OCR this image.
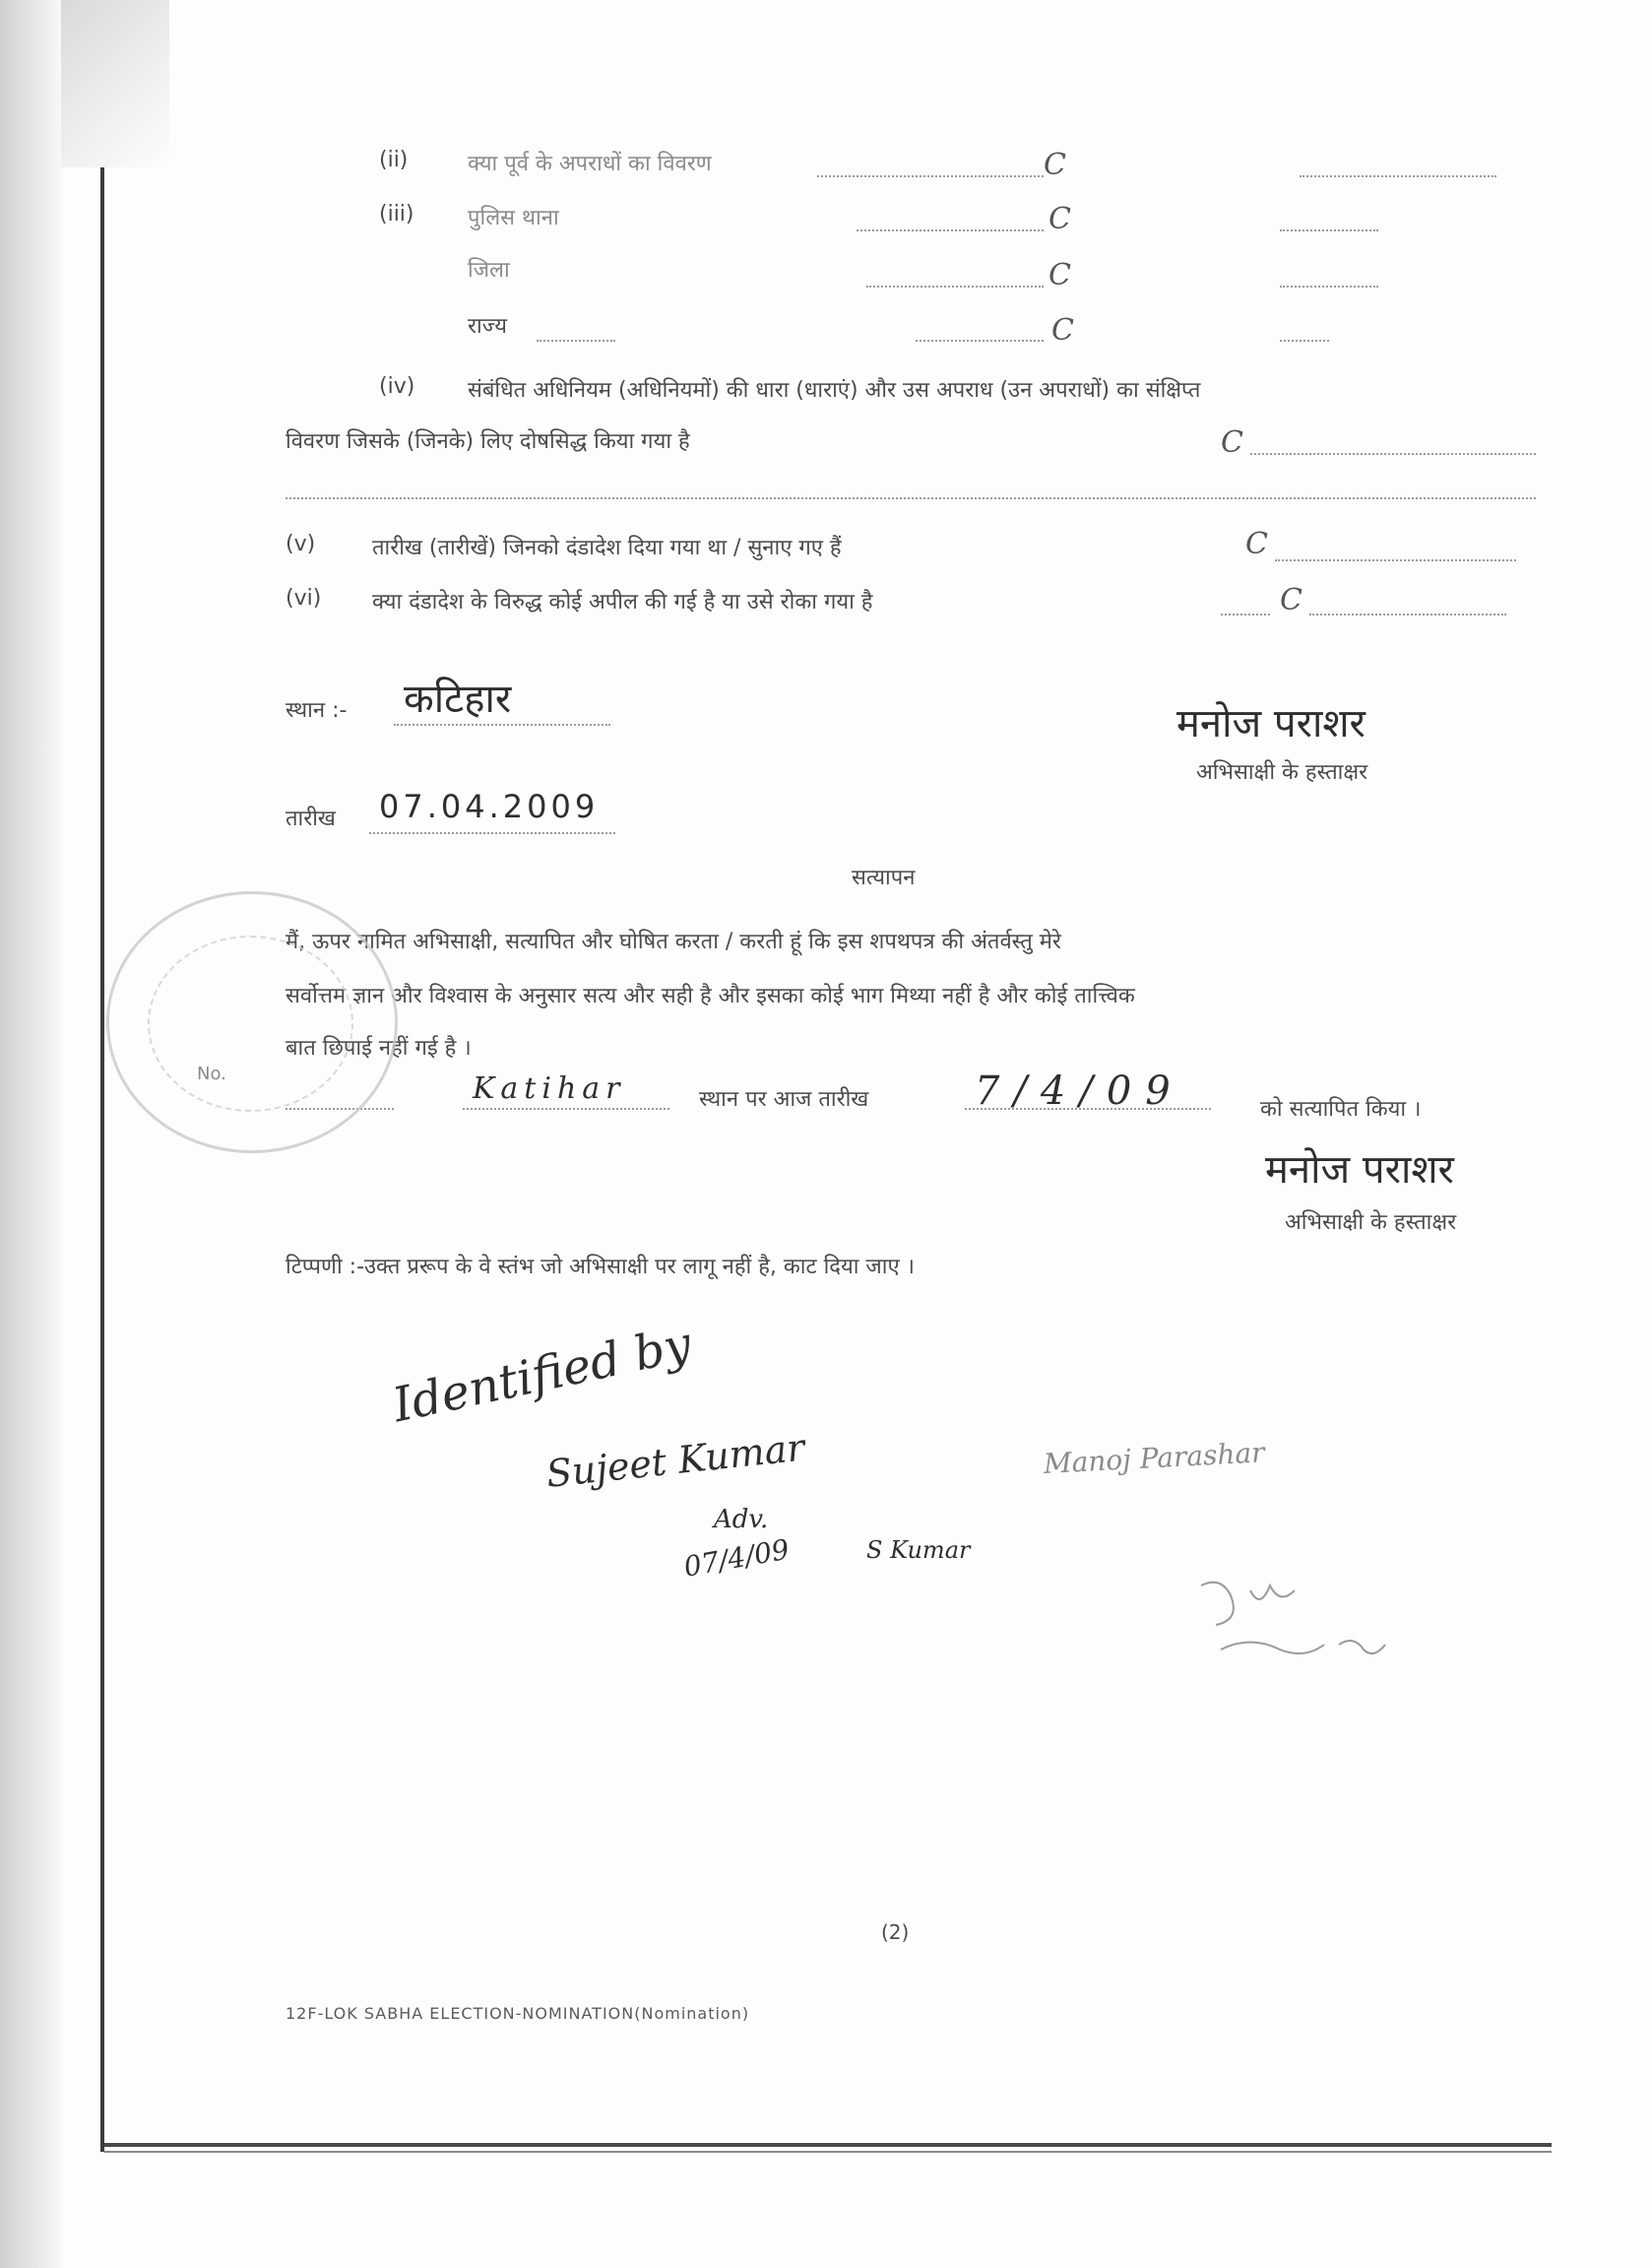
(ii)	क्या पूर्व के अपराधों का विवरण	C
(iii) पुलिस थाना	C
जिला	C
राज्य	C
(iv) संबंधित अधिनियम (अधिनियमों) की धारा (धाराएं) और उस अपराध (उन अपराधों) का संक्षिप्त
विवरण जिसके (जिनके) लिए दोषसिद्ध किया गया है	C
(v)	तारीख (तारीखें) जिनको दंडादेश दिया गया था / सुनाए गए हैं	C
(vi) क्या दंडादेश के विरुद्ध कोई अपील की गई है या उसे रोका गया है	C
स्थान :- कटिहार
मनोज पराशर
अभिसाक्षी के हस्ताक्षर
तारीख 07.04.2009
सत्यापन
मैं, ऊपर नामित अभिसाक्षी, सत्यापित और घोषित करता / करती हूं कि इस शपथपत्र की अंतर्वस्तु मेरे
सर्वोत्तम ज्ञान और विश्वास के अनुसार सत्य और सही है और इसका कोई भाग मिथ्या नहीं है और कोई तात्त्विक
बात छिपाई नहीं गई है ।
Katihar	स्थान पर आज तारीख	7/4/09	को सत्यापित किया ।
No.
मनोज पराशर
अभिसाक्षी के हस्ताक्षर
टिप्पणी :-उक्त प्ररूप के वे स्तंभ जो अभिसाक्षी पर लागू नहीं है, काट दिया जाए ।
Identified by
Sujeet Kumar
Adv.
07/4/09	S Kumar
Manoj Parashar
(2)
12F-LOK SABHA ELECTION-NOMINATION(Nomination)
